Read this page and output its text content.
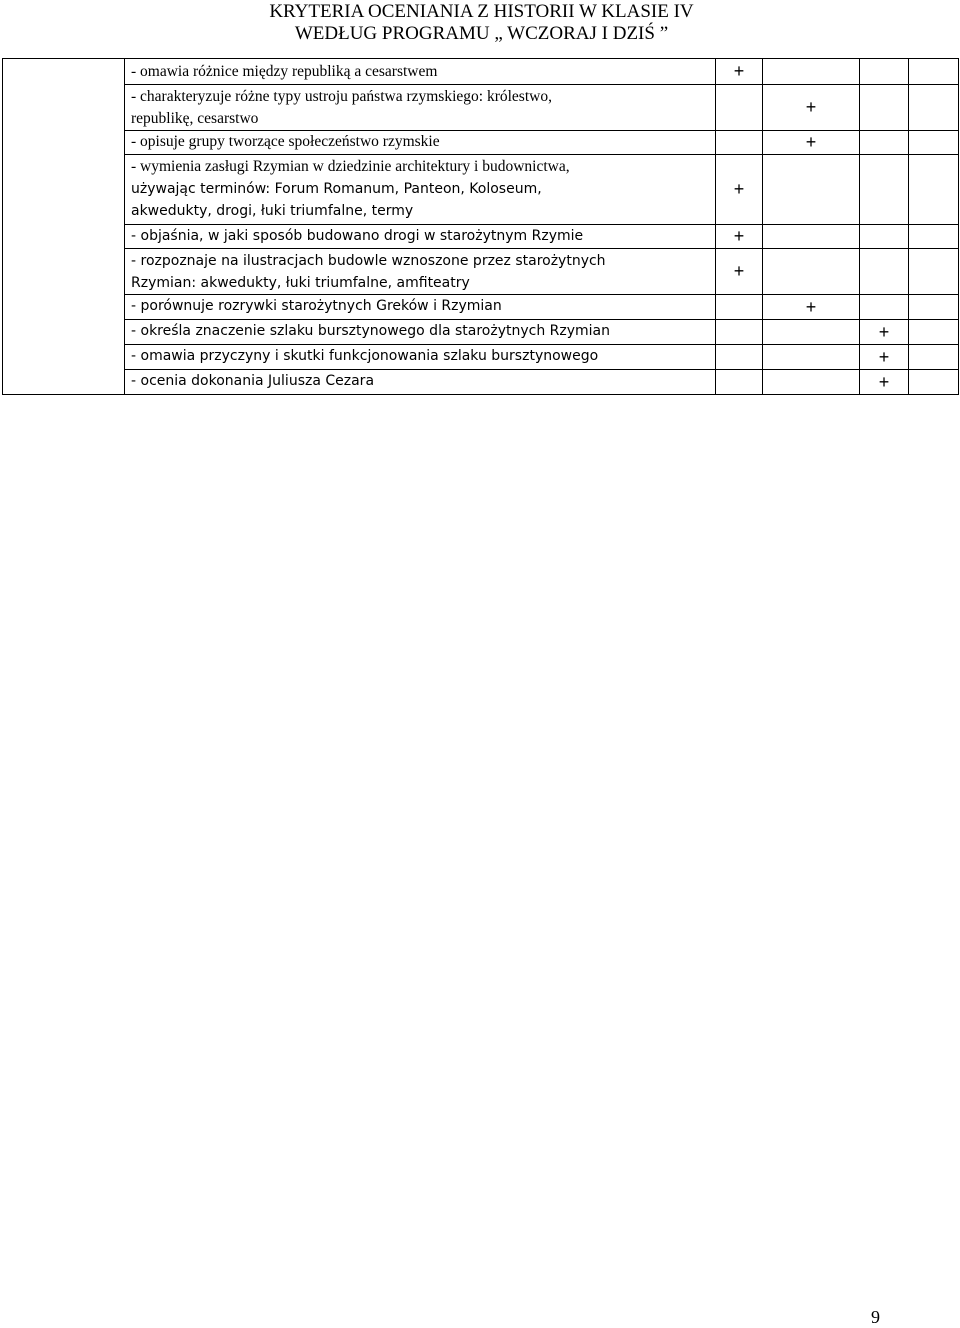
KRYTERIA OCENIANIA Z HISTORII W KLASIE IV
WEDŁUG PROGRAMU „ WCZORAJ I DZIŚ ”

	- omawia różnice między republiką a cesarstwem	+			

	- charakteryzuje różne typy ustroju państwa rzymskiego: królestwo,
republikę, cesarstwo		+		

	- opisuje grupy tworzące społeczeństwo rzymskie		+		

	- wymienia zasługi Rzymian w dziedzinie architektury i budownictwa,
używając terminów: Forum Romanum, Panteon, Koloseum,
akwedukty, drogi, łuki triumfalne, termy	+			

	- objaśnia, w jaki sposób budowano drogi w starożytnym Rzymie	+			

	- rozpoznaje na ilustracjach budowle wznoszone przez starożytnych
Rzymian: akwedukty, łuki triumfalne, amfiteatry	+			

	- porównuje rozrywki starożytnych Greków i Rzymian		+		

	- określa znaczenie szlaku bursztynowego dla starożytnych Rzymian			+	

	- omawia przyczyny i skutki funkcjonowania szlaku bursztynowego			+	

	- ocenia dokonania Juliusza Cezara			+	
9
